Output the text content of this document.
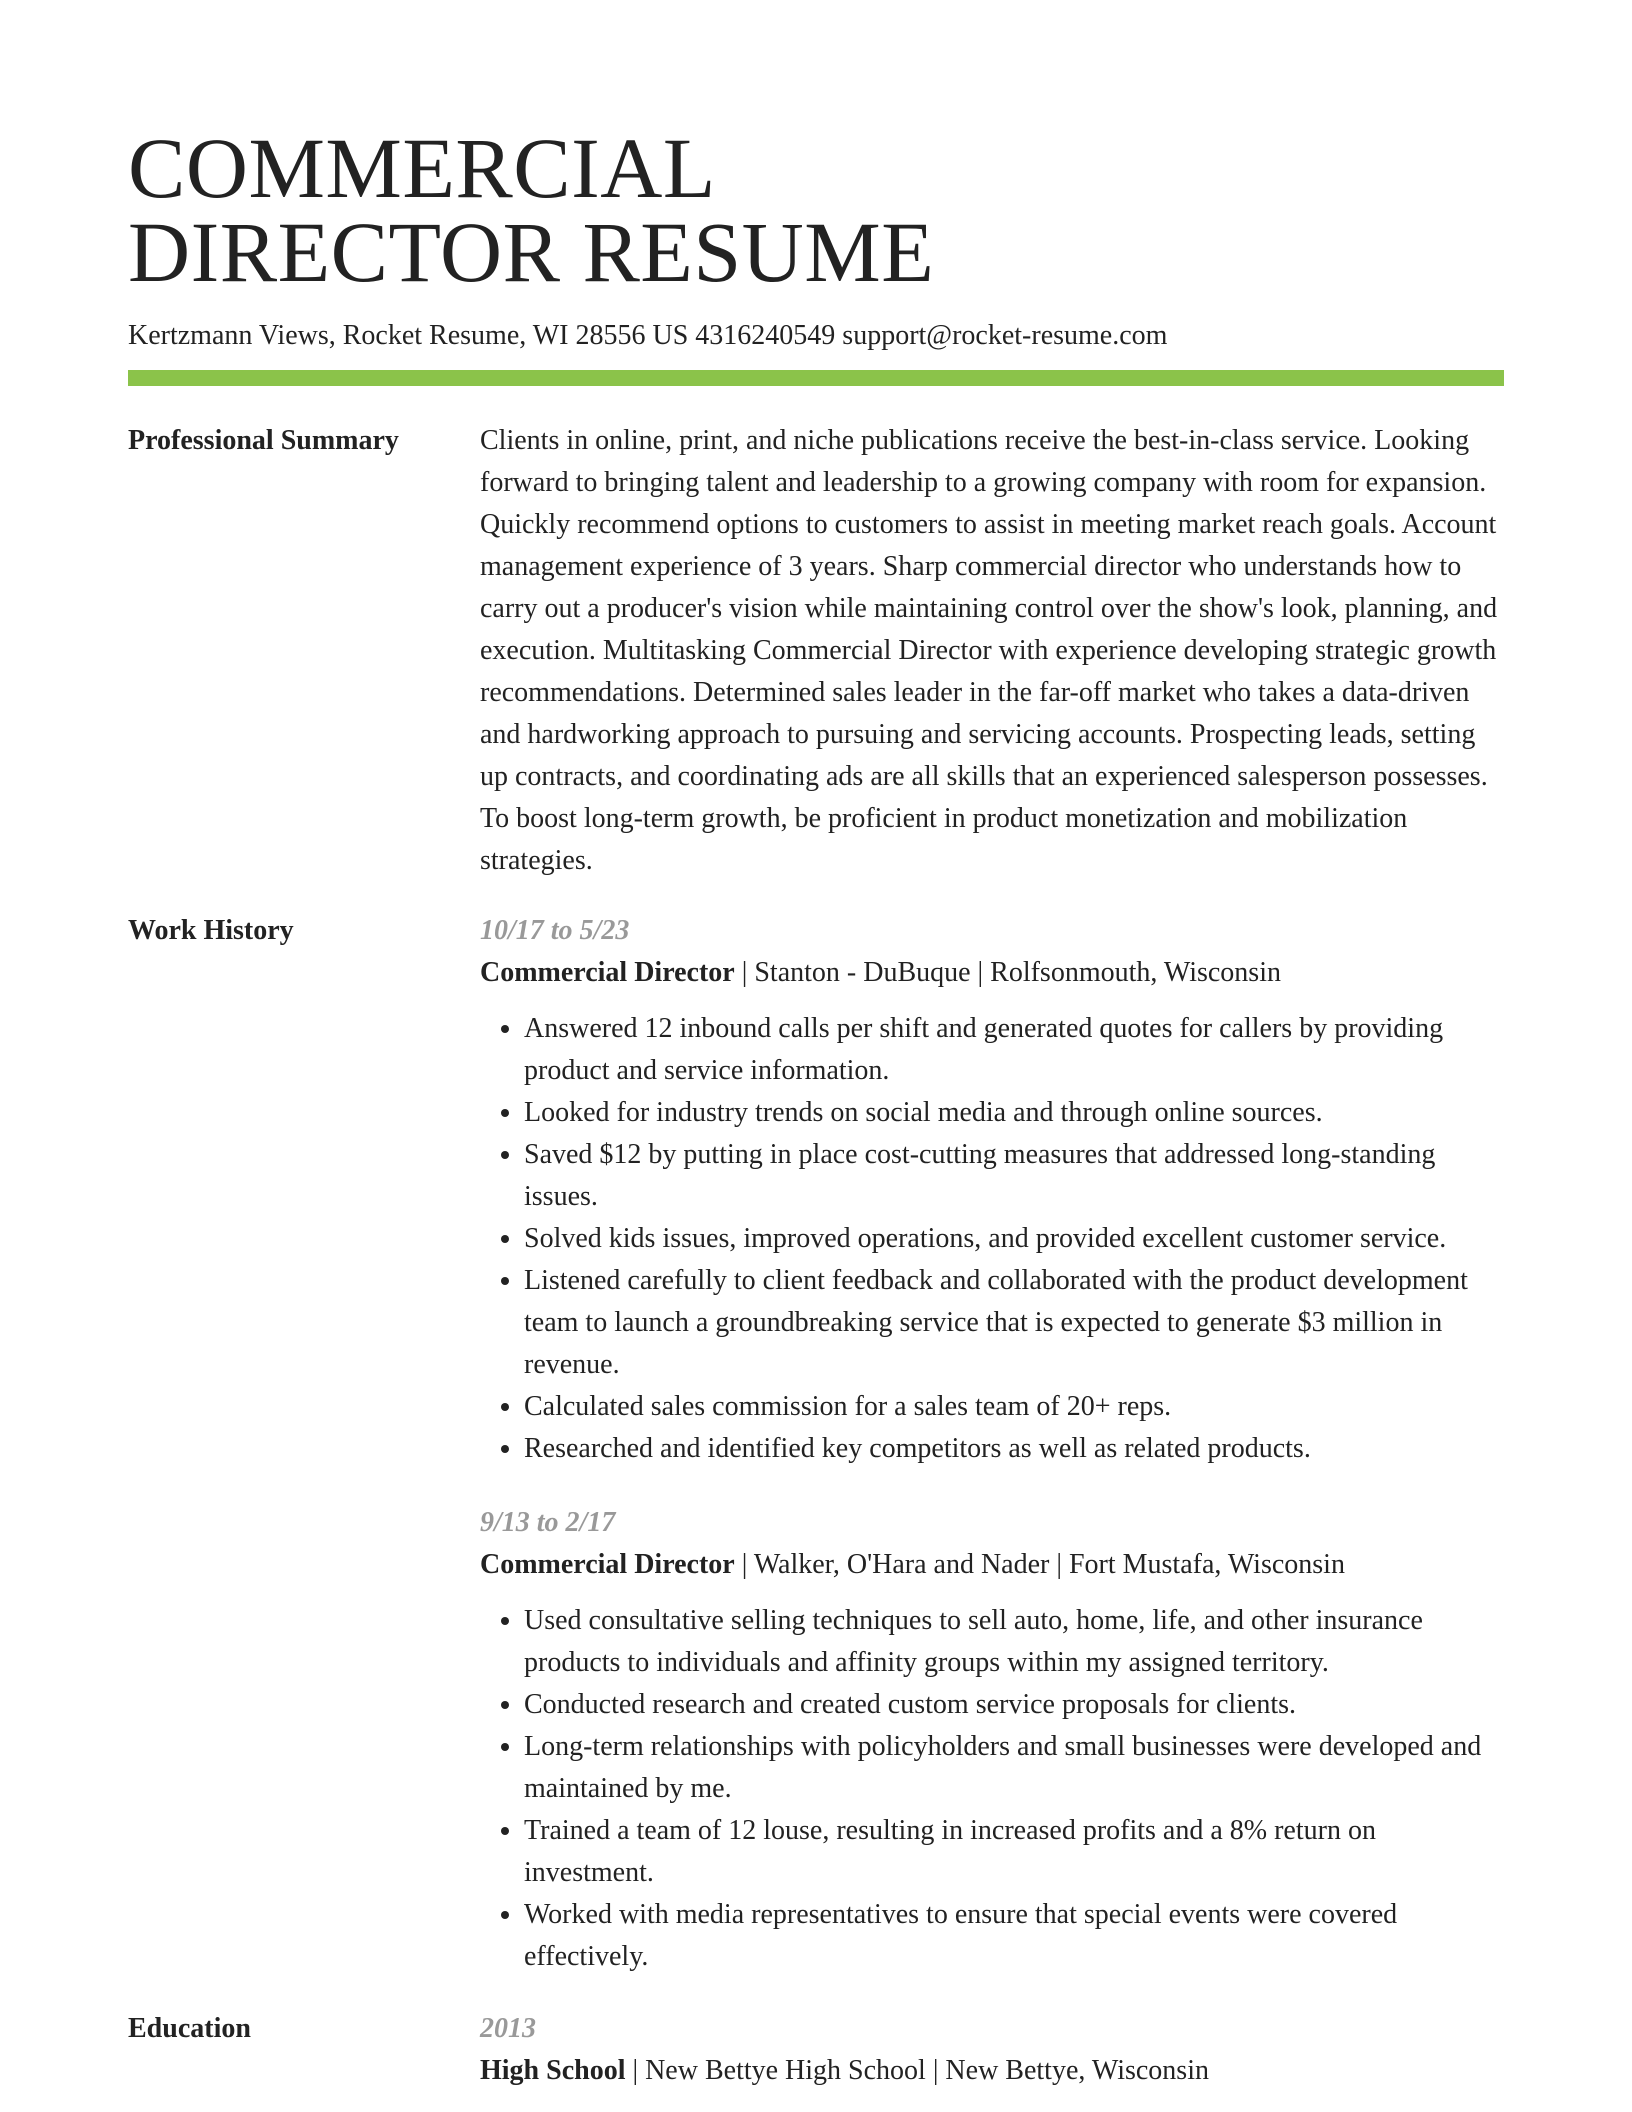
COMMERCIAL
DIRECTOR RESUME
Kertzmann Views, Rocket Resume, WI 28556 US 4316240549 support@rocket-resume.com
Professional Summary	Clients in online, print, and niche publications receive the best-in-class service. Looking forward to bringing talent and leadership to a growing company with room for expansion. Quickly recommend options to customers to assist in meeting market reach goals. Account management experience of 3 years. Sharp commercial director who understands how to carry out a producer's vision while maintaining control over the show's look, planning, and execution. Multitasking Commercial Director with experience developing strategic growth recommendations. Determined sales leader in the far-off market who takes a data-driven and hardworking approach to pursuing and servicing accounts. Prospecting leads, setting up contracts, and coordinating ads are all skills that an experienced salesperson possesses. To boost long-term growth, be proficient in product monetization and mobilization strategies.

Work History	10/17 to 5/23
Commercial Director | Stanton - DuBuque | Rolfsonmouth, Wisconsin
• Answered 12 inbound calls per shift and generated quotes for callers by providing product and service information.
• Looked for industry trends on social media and through online sources.
• Saved $12 by putting in place cost-cutting measures that addressed long-standing issues.
• Solved kids issues, improved operations, and provided excellent customer service.
• Listened carefully to client feedback and collaborated with the product development team to launch a groundbreaking service that is expected to generate $3 million in revenue.
• Calculated sales commission for a sales team of 20+ reps.
• Researched and identified key competitors as well as related products.
9/13 to 2/17
Commercial Director | Walker, O'Hara and Nader | Fort Mustafa, Wisconsin
• Used consultative selling techniques to sell auto, home, life, and other insurance products to individuals and affinity groups within my assigned territory.
• Conducted research and created custom service proposals for clients.
• Long-term relationships with policyholders and small businesses were developed and maintained by me.
• Trained a team of 12 louse, resulting in increased profits and a 8% return on investment.
• Worked with media representatives to ensure that special events were covered effectively.
Education	2013
High School | New Bettye High School | New Bettye, Wisconsin
